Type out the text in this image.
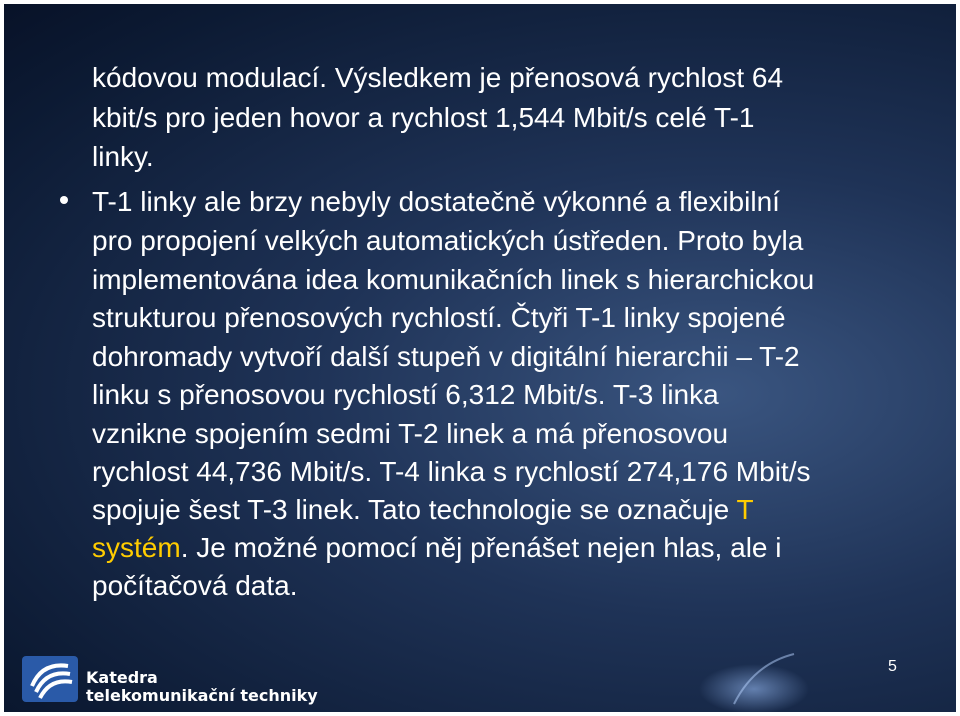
kódovou modulací. Výsledkem je přenosová rychlost 64
kbit/s pro jeden hovor a rychlost 1,544 Mbit/s celé T-1
linky.
T-1 linky ale brzy nebyly dostatečně výkonné a flexibilní
pro propojení velkých automatických ústředen. Proto byla
implementována idea komunikačních linek s hierarchickou
strukturou přenosových rychlostí. Čtyři T-1 linky spojené
dohromady vytvoří další stupeň v digitální hierarchii – T-2
linku s přenosovou rychlostí 6,312 Mbit/s. T-3 linka
vznikne spojením sedmi T-2 linek a má přenosovou
rychlost 44,736 Mbit/s. T-4 linka s rychlostí 274,176 Mbit/s
spojuje šest T-3 linek. Tato technologie se označuje T
systém. Je možné pomocí něj přenášet nejen hlas, ale i
počítačová data.
Katedra
telekomunikační techniky
5
